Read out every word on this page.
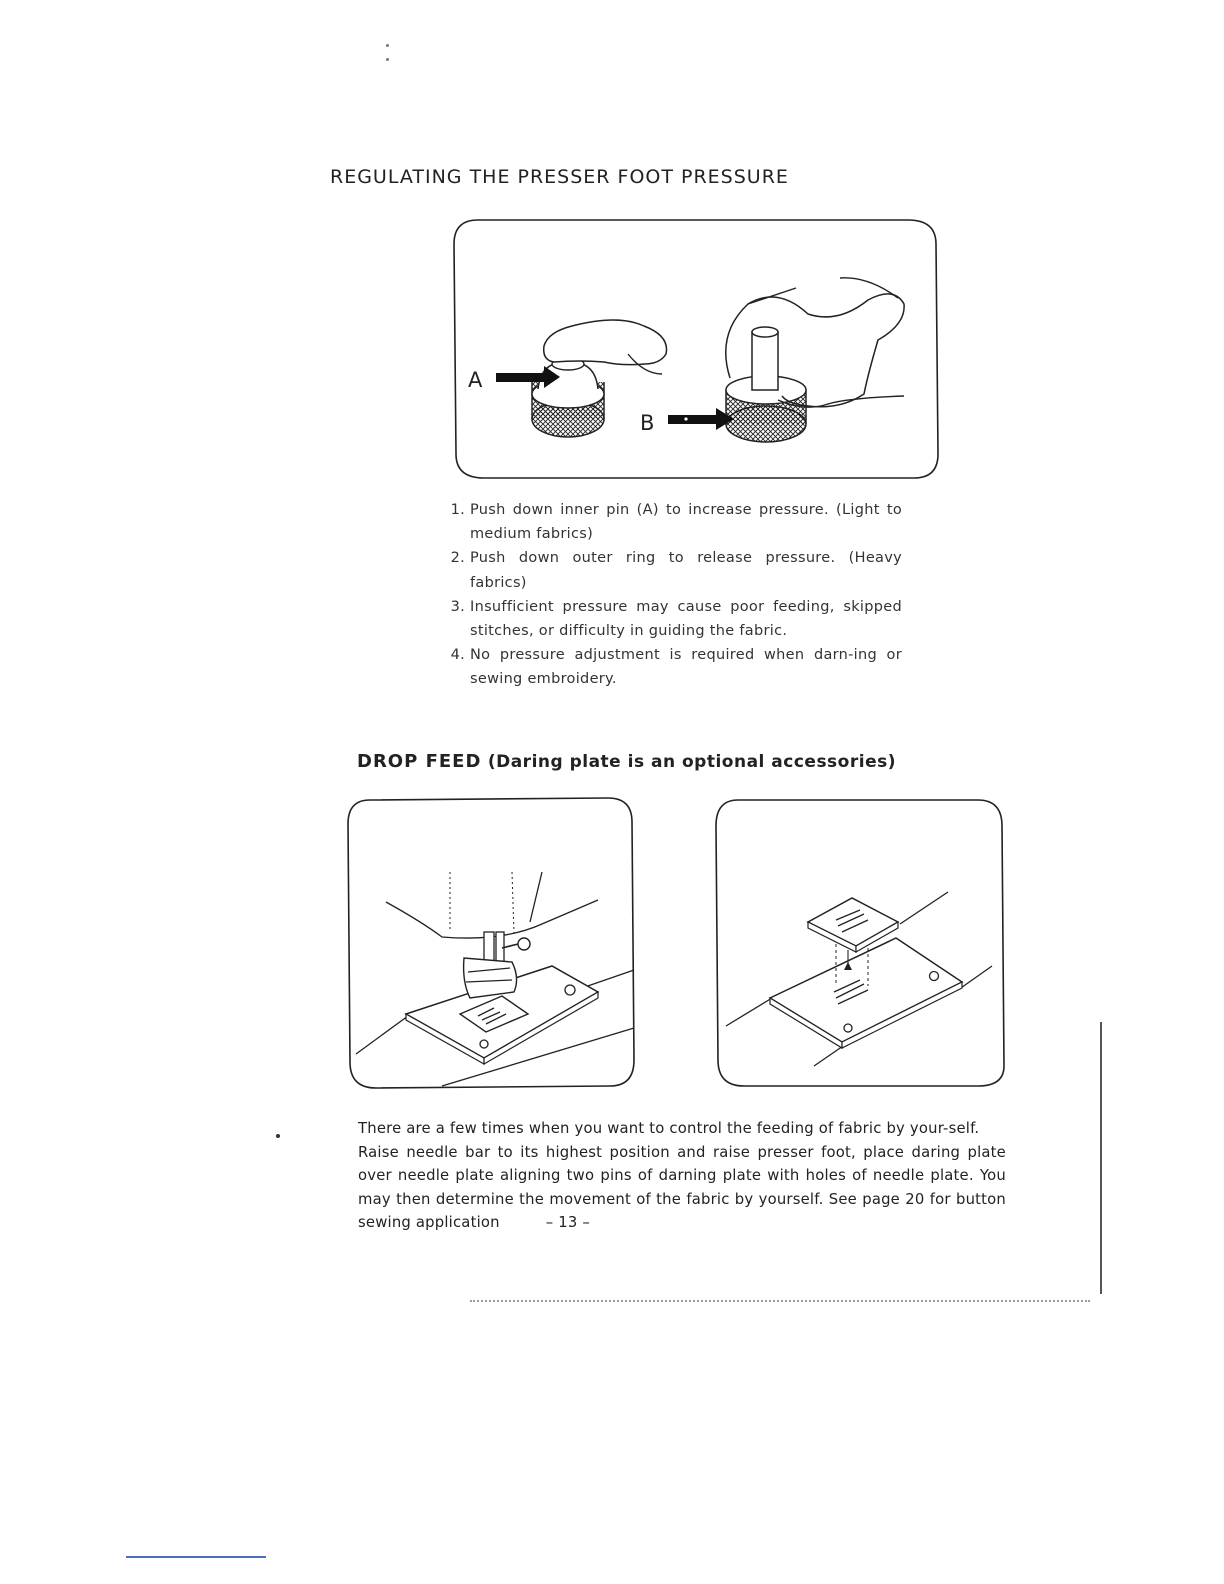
REGULATING THE PRESSER FOOT PRESSURE
A
B
1. Push down inner pin (A) to increase pressure. (Light to medium fabrics)
2. Push down outer ring to release pressure. (Heavy fabrics)
3. Insufficient pressure may cause poor feeding, skipped stitches, or difficulty in guiding the fabric.
4. No pressure adjustment is required when darn-ing or sewing embroidery.
DROP FEED (Daring plate is an optional accessories)

There are a few times when you want to control the feeding of fabric by your-self.

Raise needle bar to its highest position and raise presser foot, place daring plate over needle plate aligning two pins of darning plate with holes of needle plate. You may then determine the movement of the fabric by yourself. See page 20 for button sewing application	– 13 –
